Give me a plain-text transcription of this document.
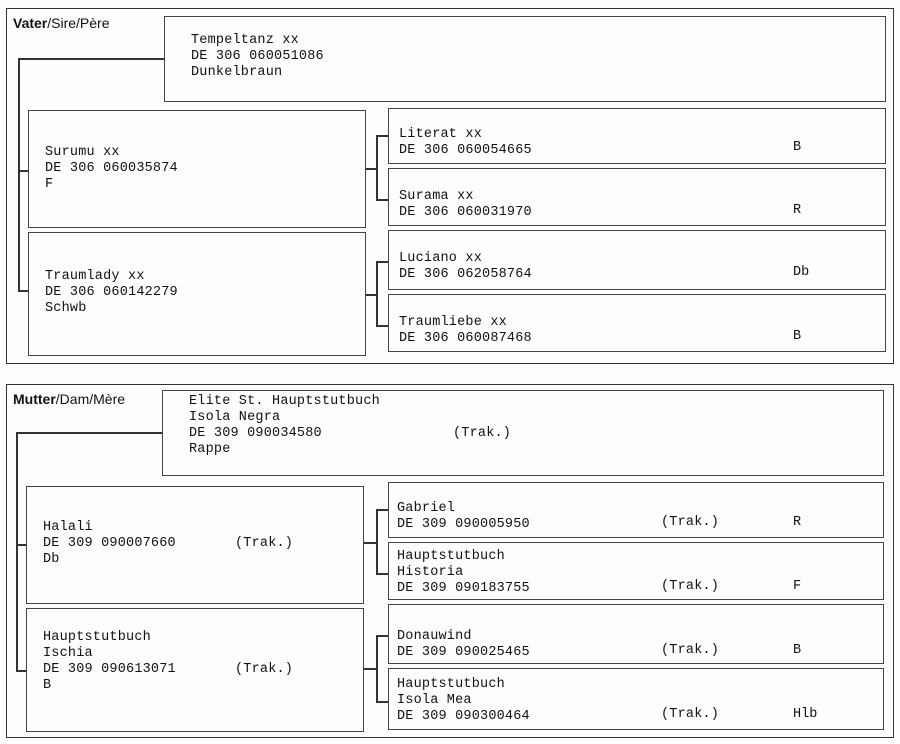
Vater/Sire/Père
Tempeltanz xx
DE 306 060051086
Dunkelbraun
Surumu xx
DE 306 060035874
F
Traumlady xx
DE 306 060142279
Schwb
Literat xx
DE 306 060054665	B
Surama xx
DE 306 060031970	R
Luciano xx
DE 306 062058764	Db
Traumliebe xx
DE 306 060087468	B
Mutter/Dam/Mère	Elite St. Hauptstutbuch
Isola Negra
DE 309 090034580	(Trak.)
Rappe
Halali
DE 309 090007660	(Trak.)
Db
Hauptstutbuch
Ischia
DE 309 090613071	(Trak.)
B
Gabriel
DE 309 090005950	(Trak.)	R
Hauptstutbuch
Historia
DE 309 090183755	(Trak.)	F
Donauwind
DE 309 090025465	(Trak.)	B
Hauptstutbuch
Isola Mea
DE 309 090300464	(Trak.)	Hlb
